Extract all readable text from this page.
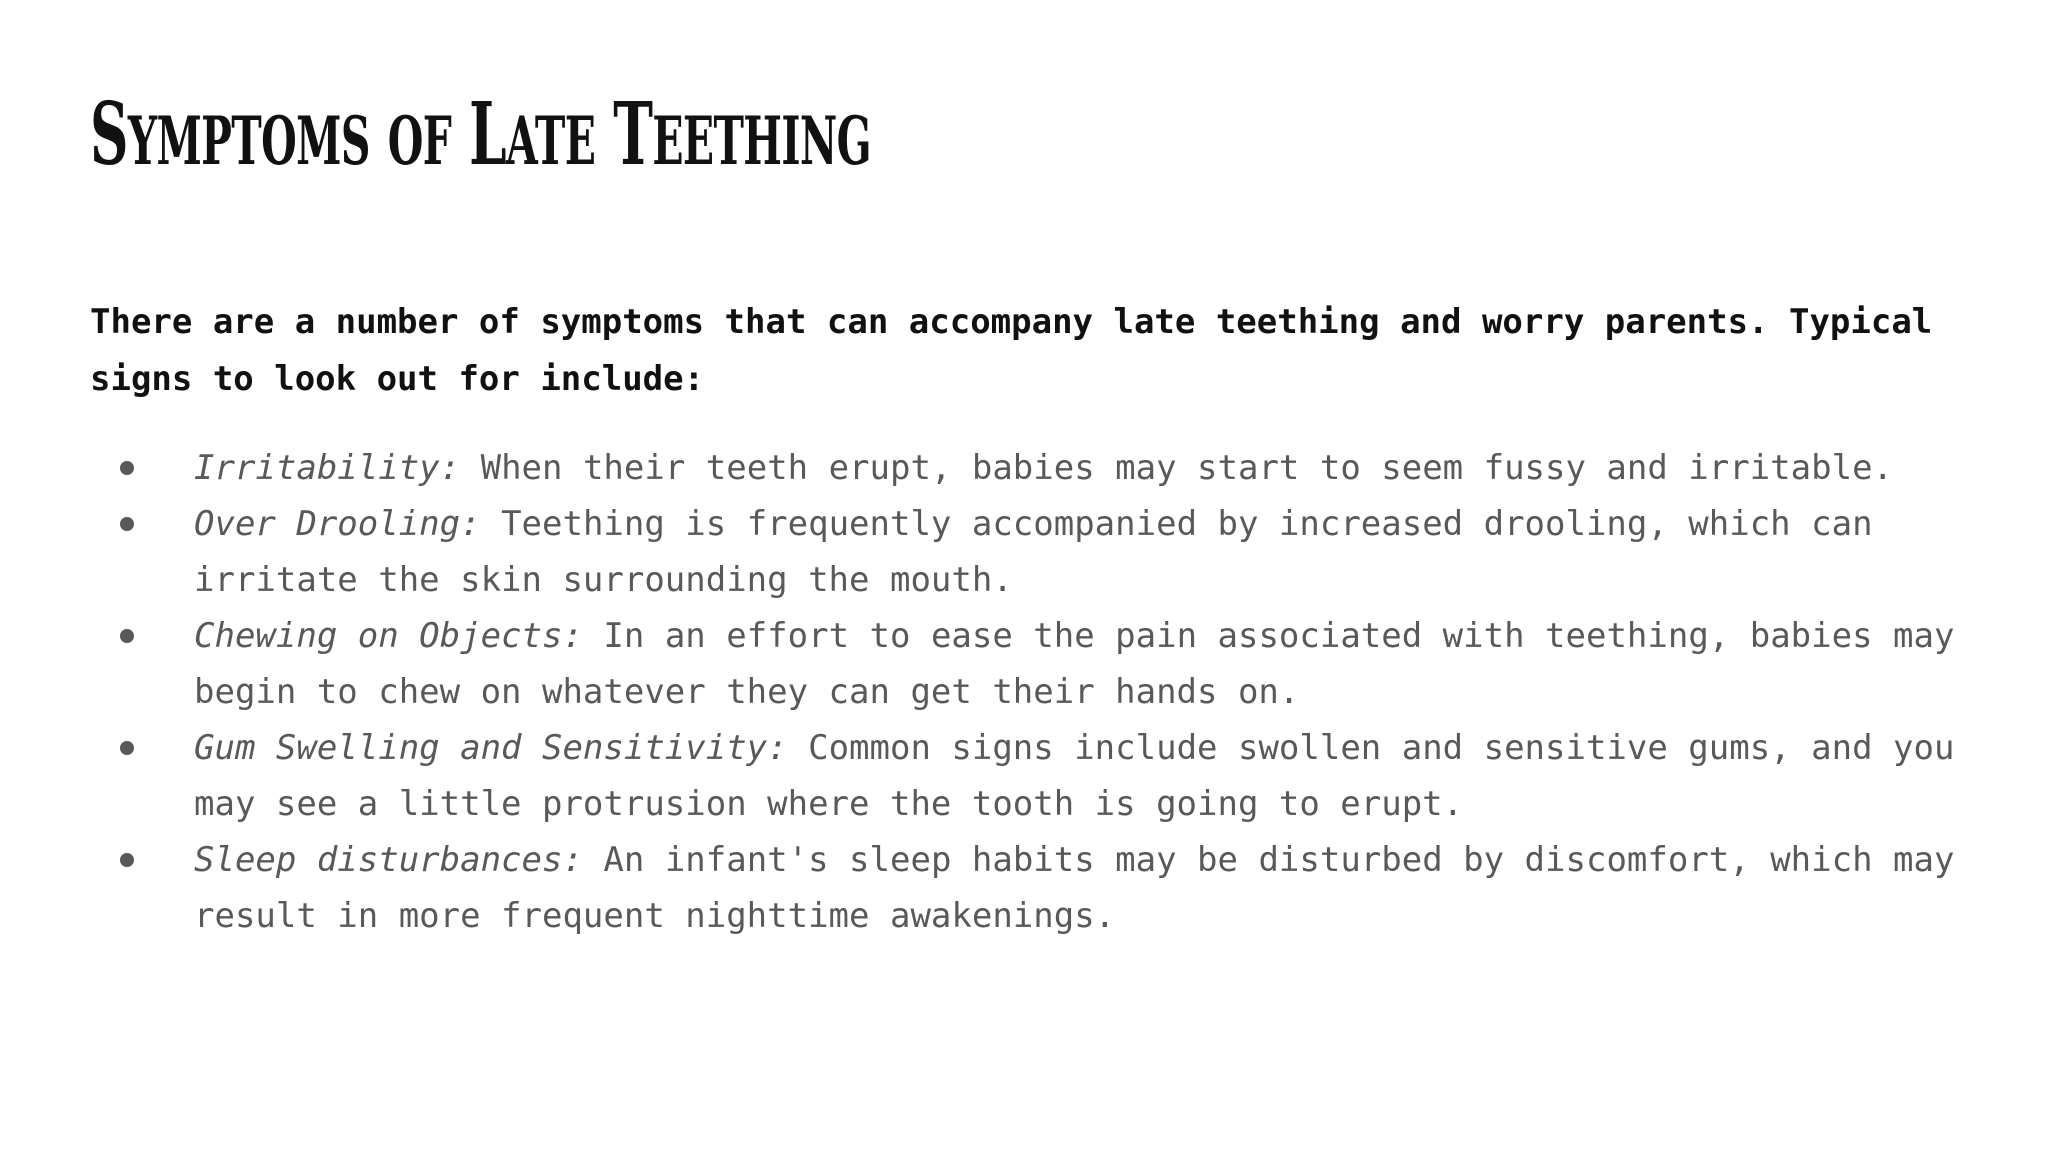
SYMPTOMS OF LATE TEETHING

There are a number of symptoms that can accompany late teething and worry parents. Typical signs to look out for include:

Irritability: When their teeth erupt, babies may start to seem fussy and irritable.
Over Drooling: Teething is frequently accompanied by increased drooling, which can irritate the skin surrounding the mouth.
Chewing on Objects: In an effort to ease the pain associated with teething, babies may begin to chew on whatever they can get their hands on.
Gum Swelling and Sensitivity: Common signs include swollen and sensitive gums, and you may see a little protrusion where the tooth is going to erupt.
Sleep disturbances: An infant's sleep habits may be disturbed by discomfort, which may result in more frequent nighttime awakenings.
